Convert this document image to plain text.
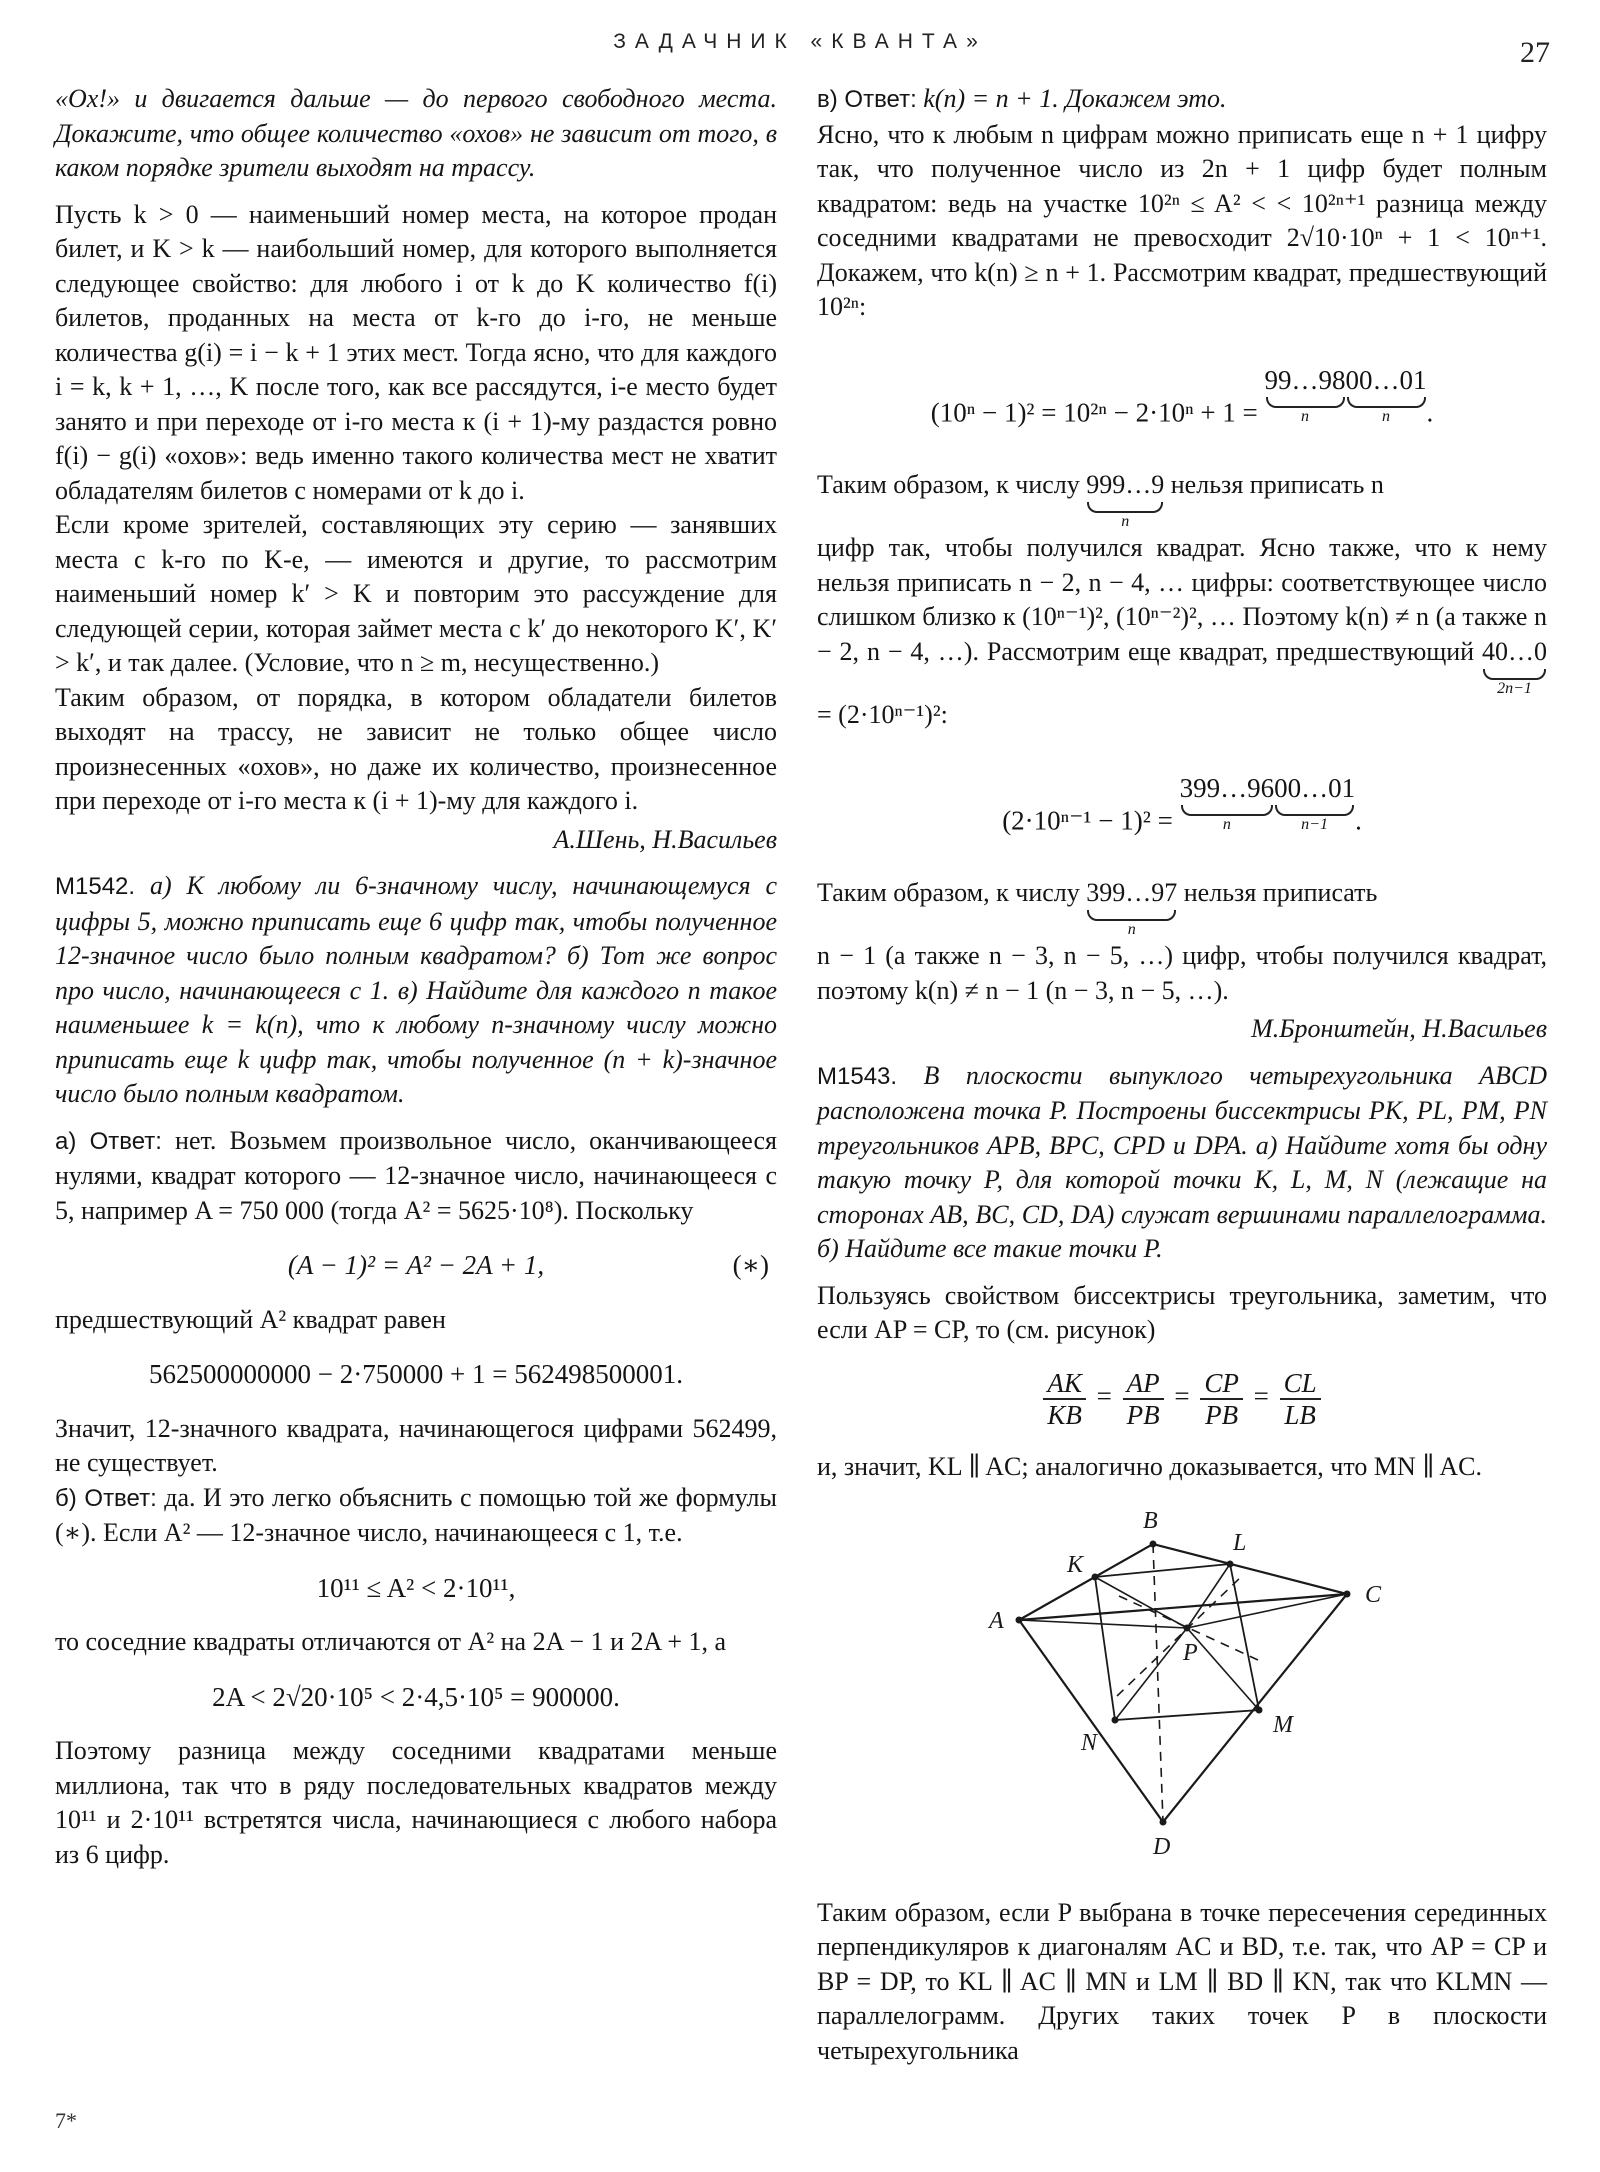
ЗАДАЧНИК «КВАНТА»	27

«Ох!» и двигается дальше — до первого свободного места. Докажите, что общее количество «охов» не зависит от того, в каком порядке зрители выходят на трассу.

Пусть k > 0 — наименьший номер места, на которое продан билет, и K > k — наибольший номер, для которого выполняется следующее свойство: для любого i от k до K количество f(i) билетов, проданных на места от k-го до i-го, не меньше количества g(i) = i − k + 1 этих мест. Тогда ясно, что для каждого i = k, k + 1, …, K после того, как все рассядутся, i-е место будет занято и при переходе от i-го места к (i + 1)-му раздастся ровно f(i) − g(i) «охов»: ведь именно такого количества мест не хватит обладателям билетов с номерами от k до i.

Если кроме зрителей, составляющих эту серию — занявших места с k-го по K-е, — имеются и другие, то рассмотрим наименьший номер k′ > K и повторим это рассуждение для следующей серии, которая займет места с k′ до некоторого K′, K′ > k′, и так далее. (Условие, что n ≥ m, несущественно.)

Таким образом, от порядка, в котором обладатели билетов выходят на трассу, не зависит не только общее число произнесенных «охов», но даже их количество, произнесенное при переходе от i-го места к (i + 1)-му для каждого i.

А.Шень, Н.Васильев

М1542. а) К любому ли 6-значному числу, начинающемуся с цифры 5, можно приписать еще 6 цифр так, чтобы полученное 12-значное число было полным квадратом? б) Тот же вопрос про число, начинающееся с 1. в) Найдите для каждого n такое наименьшее k = k(n), что к любому n-значному числу можно приписать еще k цифр так, чтобы полученное (n + k)-значное число было полным квадратом.

а) Ответ: нет. Возьмем произвольное число, оканчивающееся нулями, квадрат которого — 12-значное число, начинающееся с 5, например A = 750 000 (тогда A² = 5625·10⁸). Поскольку

(A − 1)² = A² − 2A + 1,	(∗)

предшествующий A² квадрат равен

562500000000 − 2·750000 + 1 = 562498500001.

Значит, 12-значного квадрата, начинающегося цифрами 562499, не существует.

б) Ответ: да. И это легко объяснить с помощью той же формулы (∗). Если A² — 12-значное число, начинающееся с 1, т.е.

10¹¹ ≤ A² < 2·10¹¹,

то соседние квадраты отличаются от A² на 2A − 1 и 2A + 1, а

2A < 2√20·10⁵ < 2·4,5·10⁵ = 900000.

Поэтому разница между соседними квадратами меньше миллиона, так что в ряду последовательных квадратов между 10¹¹ и 2·10¹¹ встретятся числа, начинающиеся с любого набора из 6 цифр.

в) Ответ: k(n) = n + 1. Докажем это.

Ясно, что к любым n цифрам можно приписать еще n + 1 цифру так, что полученное число из 2n + 1 цифр будет полным квадратом: ведь на участке 10²ⁿ ≤ A² < < 10²ⁿ⁺¹ разница между соседними квадратами не превосходит 2√10·10ⁿ + 1 < 10ⁿ⁺¹. Докажем, что k(n) ≥ n + 1. Рассмотрим квадрат, предшествующий 10²ⁿ:

(10ⁿ − 1)² = 10²ⁿ − 2·10ⁿ + 1 =
99…98
n
00…01
n	.

Таким образом, к числу 999…9
n
нельзя приписать n

цифр так, чтобы получился квадрат. Ясно также, что к нему нельзя приписать n − 2, n − 4, … цифры: соответствующее число слишком близко к (10ⁿ⁻¹)², (10ⁿ⁻²)², … Поэтому k(n) ≠ n (а также n − 2, n − 4, …). Рассмотрим еще квадрат, предшествующий 40…0
2n−1
= (2·10ⁿ⁻¹)²:

(2·10ⁿ⁻¹ − 1)² =
399…96
n
00…01
n−1	.

Таким образом, к числу 399…97
n
нельзя приписать

n − 1 (а также n − 3, n − 5, …) цифр, чтобы получился квадрат, поэтому k(n) ≠ n − 1 (n − 3, n − 5, …).

М.Бронштейн, Н.Васильев

М1543. В плоскости выпуклого четырехугольника ABCD расположена точка P. Построены биссектрисы PK, PL, PM, PN треугольников APB, BPC, CPD и DPA. а) Найдите хотя бы одну такую точку P, для которой точки K, L, M, N (лежащие на сторонах AB, BC, CD, DA) служат вершинами параллелограмма. б) Найдите все такие точки P.

Пользуясь свойством биссектрисы треугольника, заметим, что если AP = CP, то (см. рисунок)

$\frac{AK}{KB} = \frac{AP}{PB} = \frac{CP}{PB} = \frac{CL}{LB}$

и, значит, KL ∥ AC; аналогично доказывается, что MN ∥ AC.

A
B
C
D
K
L
M
N
P

Таким образом, если P выбрана в точке пересечения серединных перпендикуляров к диагоналям AC и BD, т.е. так, что AP = CP и BP = DP, то KL ∥ AC ∥ MN и LM ∥ BD ∥ KN, так что KLMN — параллелограмм. Других таких точек P в плоскости четырехугольника

7*
